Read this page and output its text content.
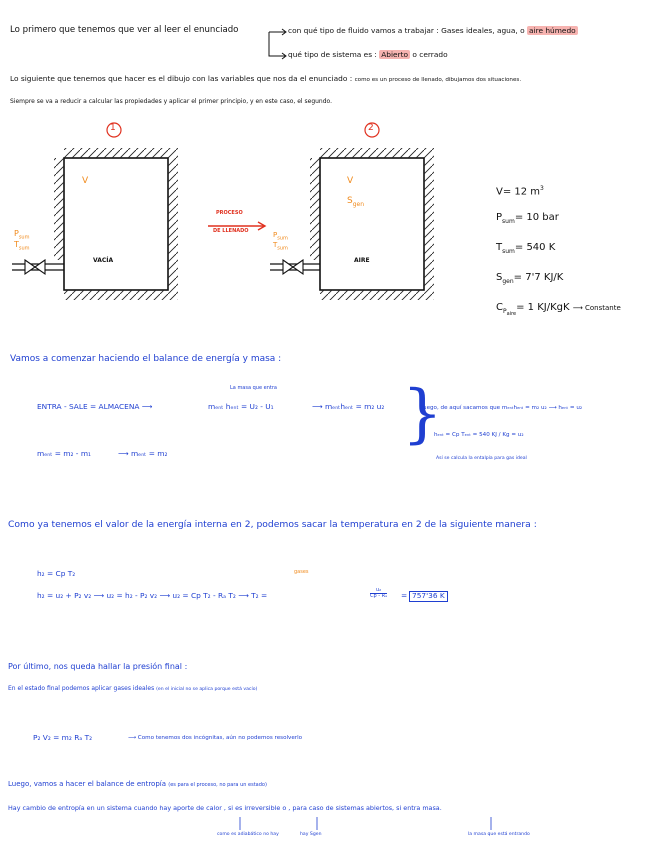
Lo primero que tenemos que ver al leer el enunciado	con qué tipo de fluido vamos a trabajar : Gases ideales, agua, o aire húmedo
qué tipo de sistema es : Abierto o cerrado
Lo siguiente que tenemos que hacer es el dibujo con las variables que nos da el enunciado : como es un proceso de llenado, dibujamos dos situaciones.
Siempre se va a reducir a calcular las propiedades y aplicar el primer principio, y en este caso, el segundo.
1	2
V
VACÍA
$P_{sum}$
$T_{sum}$
PROCESO
DE LLENADO
V
$S_{gen}$
AIRE
$P_{sum}$
$T_{sum}$
V= 12 $m^3$
$P_{sum}= 10$ bar
$T_{sum}= 540$ K
$S_{gen}= 7'7$ KJ/K
$C_{P_{aire}}= 1$ KJ/KgK ⟶ Constante
Vamos a comenzar haciendo el balance de energía y masa :
La masa que entra
ENTRA - SALE = ALMACENA ⟶	mₑₙₜ hₑₙₜ = U₂ - U₁	⟶ mₑₙₜhₑₙₜ = m₂ u₂
mₑₙₜ = m₂ - m₁	⟶ mₑₙₜ = m₂
}
Luego, de aquí sacamos que mₑₙₜhₑₙₜ = m₂ u₂ ⟶ hₑₙₜ = u₂
hₑₙₜ = Cp Tₑₙₜ = 540 KJ / Kg = u₂
Así se calcula la entalpía para gas ideal
Como ya tenemos el valor de la energía interna en 2, podemos sacar la temperatura en 2 de la siguiente manera :
gases
h₂ = Cp T₂
h₂ = u₂ + P₂ v₂ ⟶ u₂ = h₂ - P₂ v₂ ⟶ u₂ = Cp T₂ - Rₐ T₂ ⟶ T₂ =	$\frac{\text{u₂}}{\text{Cp - Rₐ}} = 757'36$ K
Por último, nos queda hallar la presión final :
En el estado final podemos aplicar gases ideales (en el inicial no se aplica porque está vacío)
P₂ V₂ = m₂ Rₐ T₂	⟶ Como tenemos dos incógnitas, aún no podemos resolverlo
Luego, vamos a hacer el balance de entropía (es para el proceso, no para un estado)
Hay cambio de entropía en un sistema cuando hay aporte de calor , si es irreversible o , para caso de sistemas abiertos, si entra masa.
como es adiabático no hay	hay Sgen	la masa que está entrando
